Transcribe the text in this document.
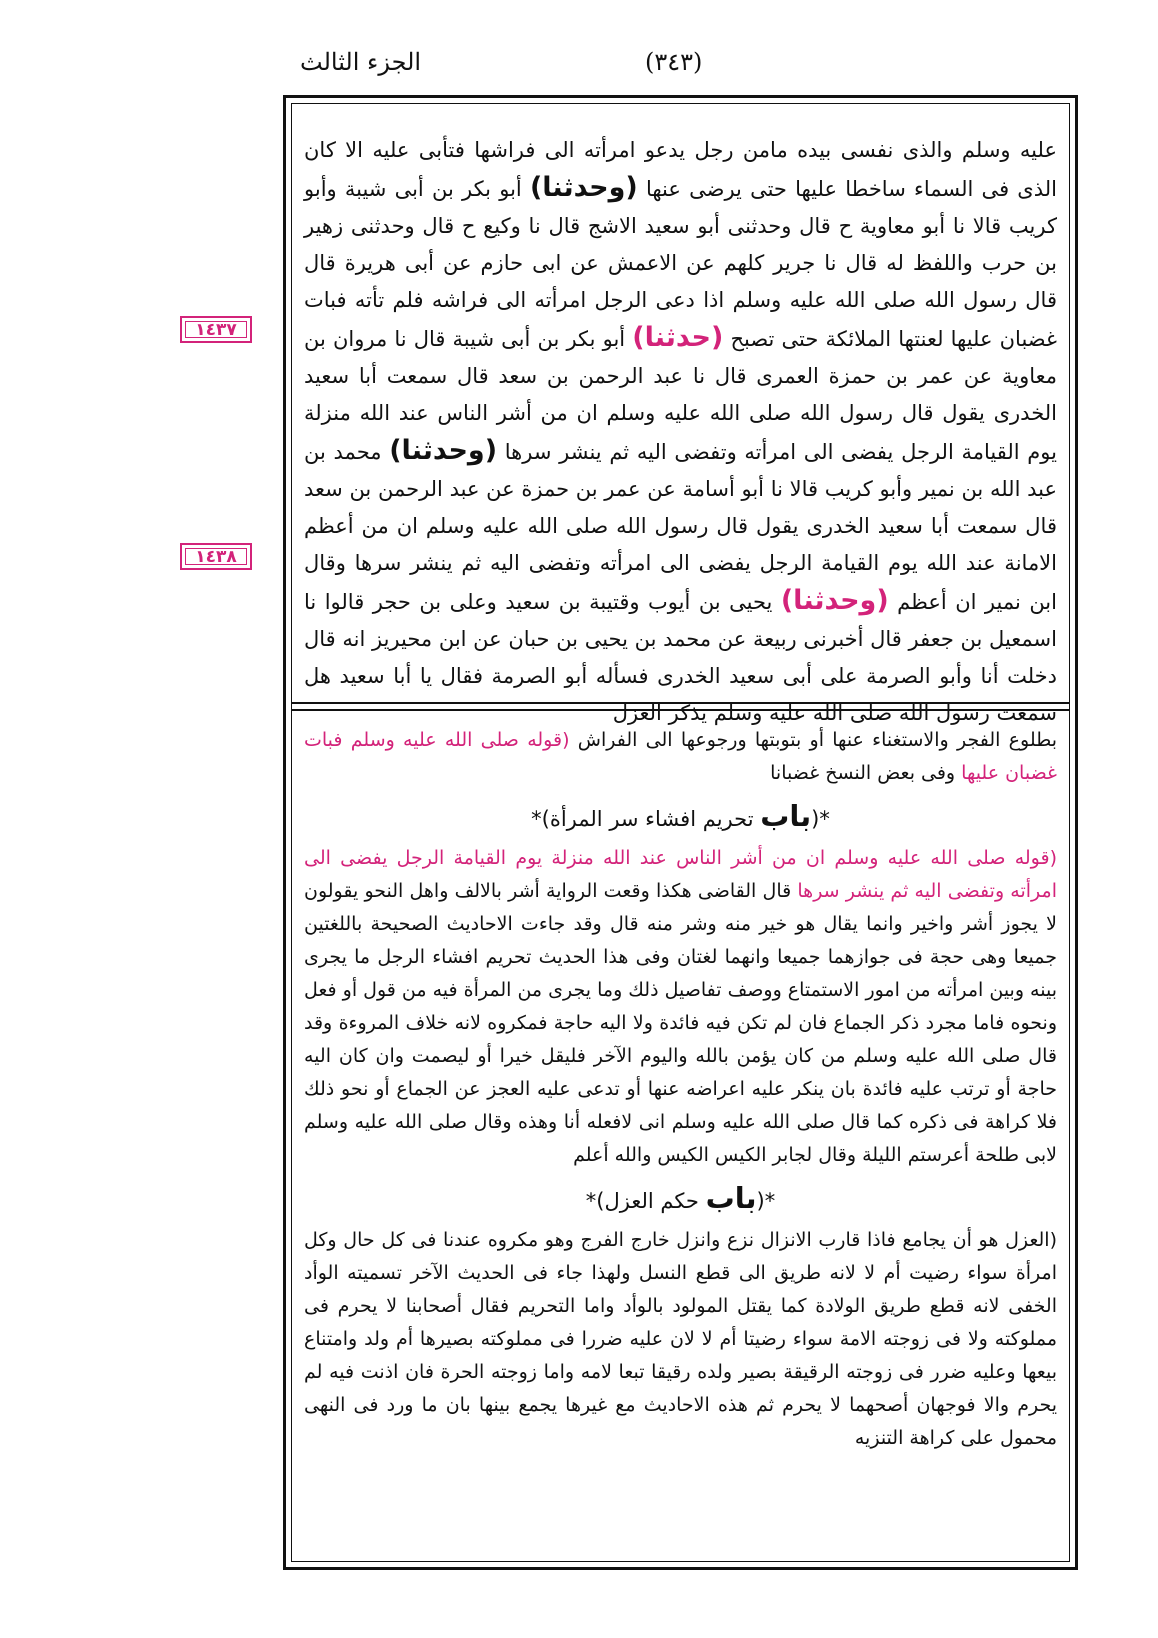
الجزء الثالث	(٣٤٣)
١٤٣٧
١٤٣٨
عليه وسلم والذى نفسى بيده مامن رجل يدعو امرأته الى فراشها فتأبى عليه الا كان الذى فى السماء ساخطا عليها حتى يرضى عنها (وحدثنا) أبو بكر بن أبى شيبة وأبو كريب قالا نا أبو معاوية ح قال وحدثنى أبو سعيد الاشج قال نا وكيع ح قال وحدثنى زهير بن حرب واللفظ له قال نا جرير كلهم عن الاعمش عن ابى حازم عن أبى هريرة قال قال رسول الله صلى الله عليه وسلم اذا دعى الرجل امرأته الى فراشه فلم تأته فبات غضبان عليها لعنتها الملائكة حتى تصبح (حدثنا) أبو بكر بن أبى شيبة قال نا مروان بن معاوية عن عمر بن حمزة العمرى قال نا عبد الرحمن بن سعد قال سمعت أبا سعيد الخدرى يقول قال رسول الله صلى الله عليه وسلم ان من أشر الناس عند الله منزلة يوم القيامة الرجل يفضى الى امرأته وتفضى اليه ثم ينشر سرها (وحدثنا) محمد بن عبد الله بن نمير وأبو كريب قالا نا أبو أسامة عن عمر بن حمزة عن عبد الرحمن بن سعد قال سمعت أبا سعيد الخدرى يقول قال رسول الله صلى الله عليه وسلم ان من أعظم الامانة عند الله يوم القيامة الرجل يفضى الى امرأته وتفضى اليه ثم ينشر سرها وقال ابن نمير ان أعظم (وحدثنا) يحيى بن أيوب وقتيبة بن سعيد وعلى بن حجر قالوا نا اسمعيل بن جعفر قال أخبرنى ربيعة عن محمد بن يحيى بن حبان عن ابن محيريز انه قال دخلت أنا وأبو الصرمة على أبى سعيد الخدرى فسأله أبو الصرمة فقال يا أبا سعيد هل سمعت رسول الله صلى الله عليه وسلم يذكر العزل

بطلوع الفجر والاستغناء عنها أو بتوبتها ورجوعها الى الفراش (قوله صلى الله عليه وسلم فبات غضبان عليها وفى بعض النسخ غضبانا

*(باب تحريم افشاء سر المرأة)*

(قوله صلى الله عليه وسلم ان من أشر الناس عند الله منزلة يوم القيامة الرجل يفضى الى امرأته وتفضى اليه ثم ينشر سرها قال القاضى هكذا وقعت الرواية أشر بالالف واهل النحو يقولون لا يجوز أشر واخير وانما يقال هو خير منه وشر منه قال وقد جاءت الاحاديث الصحيحة باللغتين جميعا وهى حجة فى جوازهما جميعا وانهما لغتان وفى هذا الحديث تحريم افشاء الرجل ما يجرى بينه وبين امرأته من امور الاستمتاع ووصف تفاصيل ذلك وما يجرى من المرأة فيه من قول أو فعل ونحوه فاما مجرد ذكر الجماع فان لم تكن فيه فائدة ولا اليه حاجة فمكروه لانه خلاف المروءة وقد قال صلى الله عليه وسلم من كان يؤمن بالله واليوم الآخر فليقل خيرا أو ليصمت وان كان اليه حاجة أو ترتب عليه فائدة بان ينكر عليه اعراضه عنها أو تدعى عليه العجز عن الجماع أو نحو ذلك فلا كراهة فى ذكره كما قال صلى الله عليه وسلم انى لافعله أنا وهذه وقال صلى الله عليه وسلم لابى طلحة أعرستم الليلة وقال لجابر الكيس الكيس والله أعلم

*(باب حكم العزل)*

(العزل هو أن يجامع فاذا قارب الانزال نزع وانزل خارج الفرج وهو مكروه عندنا فى كل حال وكل امرأة سواء رضيت أم لا لانه طريق الى قطع النسل ولهذا جاء فى الحديث الآخر تسميته الوأد الخفى لانه قطع طريق الولادة كما يقتل المولود بالوأد واما التحريم فقال أصحابنا لا يحرم فى مملوكته ولا فى زوجته الامة سواء رضيتا أم لا لان عليه ضررا فى مملوكته بصيرها أم ولد وامتناع بيعها وعليه ضرر فى زوجته الرقيقة بصير ولده رقيقا تبعا لامه واما زوجته الحرة فان اذنت فيه لم يحرم والا فوجهان أصحهما لا يحرم ثم هذه الاحاديث مع غيرها يجمع بينها بان ما ورد فى النهى محمول على كراهة التنزيه
